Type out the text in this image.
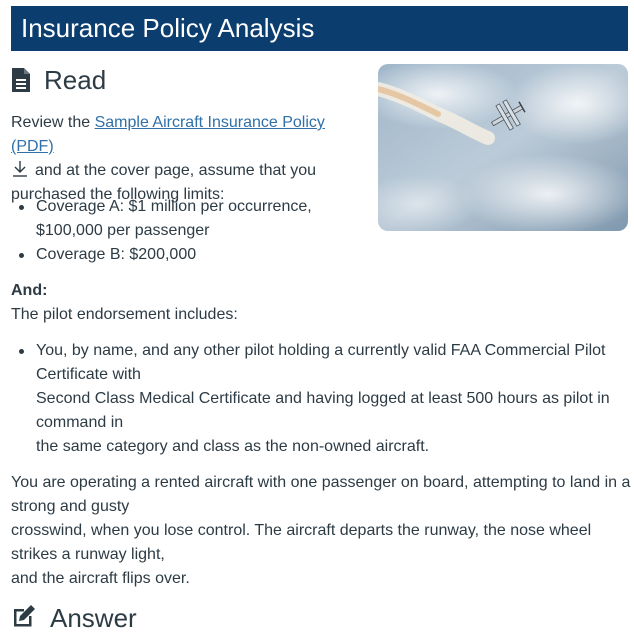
Insurance Policy Analysis
Read
Review the Sample Aircraft Insurance Policy (PDF)
and at the cover page, assume that you
purchased the following limits:
Coverage A: $1 million per occurrence,
$100,000 per passenger
Coverage B: $200,000
And:
The pilot endorsement includes:
You, by name, and any other pilot holding a currently valid FAA Commercial Pilot
Certificate with
Second Class Medical Certificate and having logged at least 500 hours as pilot in
command in
the same category and class as the non-owned aircraft.
You are operating a rented aircraft with one passenger on board, attempting to land in a
strong and gusty
crosswind, when you lose control. The aircraft departs the runway, the nose wheel
strikes a runway light,
and the aircraft flips over.
Answer
